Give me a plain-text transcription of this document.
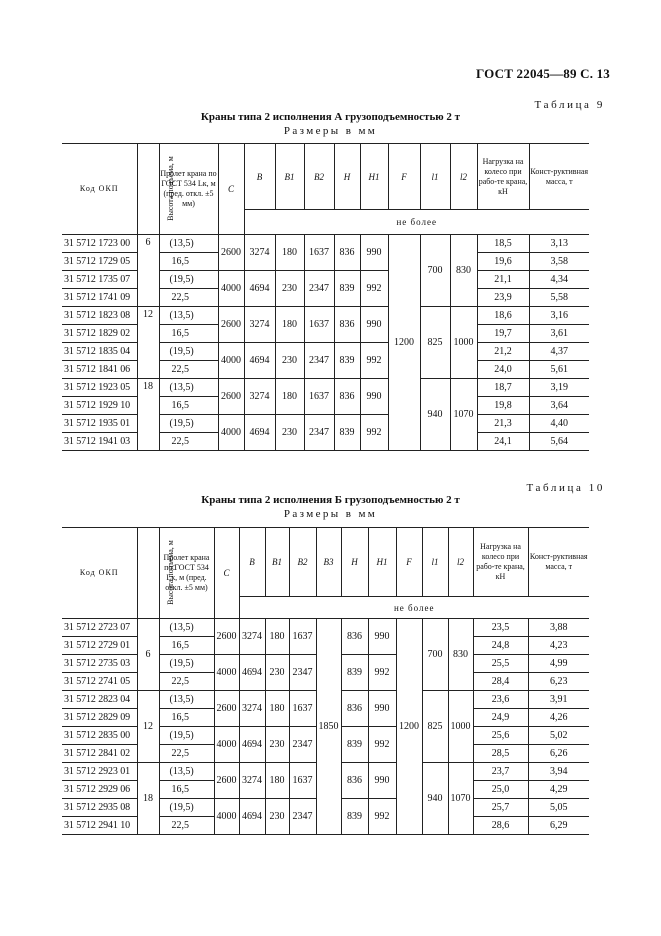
ГОСТ 22045—89 С. 13
Таблица 9
Краны типа 2 исполнения А грузоподъемностью 2 т
Размеры в мм
Код ОКП	Высота подъема, м	Пролет крана по ГОСТ 534 Lк, м (пред. откл. ±5 мм)	C	B	B1	B2	H	H1	F	l1	l2	Нагрузка на колесо при рабо-те крана, кН	Конст-руктивная масса, т
				не более									
31 5712 1723 00	6	(13,5)	2600	3274	180	1637	836	990	1200	700	830	18,5	3,13
31 5712 1729 05		16,5										19,6	3,58
31 5712 1735 07		(19,5)	4000	4694	230	2347	839	992				21,1	4,34
31 5712 1741 09		22,5										23,9	5,58
31 5712 1823 08	12	(13,5)	2600	3274	180	1637	836	990		825	1000	18,6	3,16
31 5712 1829 02		16,5										19,7	3,61
31 5712 1835 04		(19,5)	4000	4694	230	2347	839	992				21,2	4,37
31 5712 1841 06		22,5										24,0	5,61
31 5712 1923 05	18	(13,5)	2600	3274	180	1637	836	990		940	1070	18,7	3,19
31 5712 1929 10		16,5										19,8	3,64
31 5712 1935 01		(19,5)	4000	4694	230	2347	839	992				21,3	4,40
31 5712 1941 03		22,5										24,1	5,64
Таблица 10
Краны типа 2 исполнения Б грузоподъемностью 2 т
Размеры в мм
Код ОКП	Высота подъема, м	Пролет крана по ГОСТ 534 Lк, м (пред. откл. ±5 мм)	C	B	B1	B2	B3	H	H1	F	l1	l2	Нагрузка на колесо при рабо-те крана, кН	Конст-руктивная масса, т
				не более										
31 5712 2723 07	6	(13,5)	2600	3274	180	1637	1850	836	990	1200	700	830	23,5	3,88
31 5712 2729 01		16,5											24,8	4,23
31 5712 2735 03		(19,5)	4000	4694	230	2347		839	992				25,5	4,99
31 5712 2741 05		22,5											28,4	6,23
31 5712 2823 04	12	(13,5)	2600	3274	180	1637		836	990		825	1000	23,6	3,91
31 5712 2829 09		16,5											24,9	4,26
31 5712 2835 00		(19,5)	4000	4694	230	2347		839	992				25,6	5,02
31 5712 2841 02		22,5											28,5	6,26
31 5712 2923 01	18	(13,5)	2600	3274	180	1637		836	990		940	1070	23,7	3,94
31 5712 2929 06		16,5											25,0	4,29
31 5712 2935 08		(19,5)	4000	4694	230	2347		839	992				25,7	5,05
31 5712 2941 10		22,5											28,6	6,29
